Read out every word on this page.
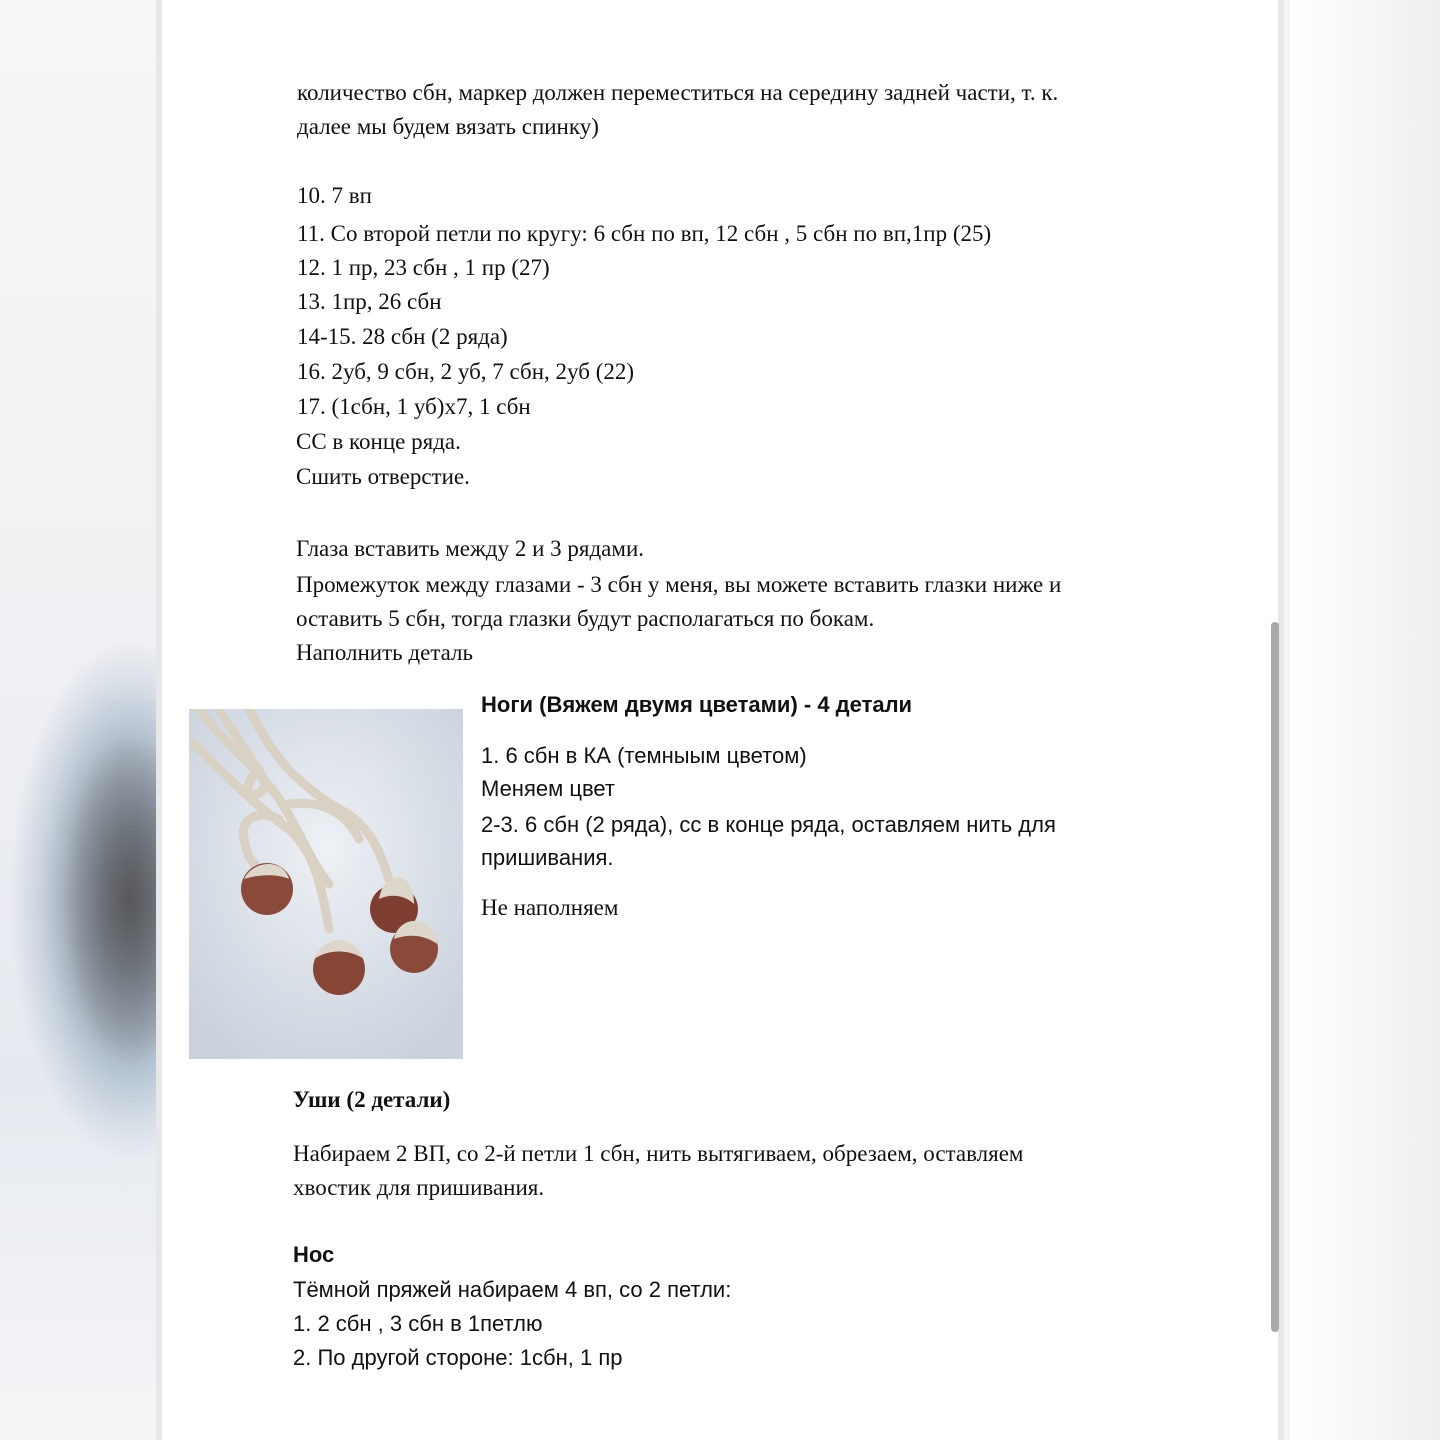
количество сбн, маркер должен переместиться на середину задней части, т. к.
далее мы будем вязать спинку)
10. 7 вп
11. Со второй петли по кругу: 6 сбн по вп, 12 сбн , 5 сбн по вп,1пр (25)
12. 1 пр, 23 сбн , 1 пр (27)
13. 1пр, 26 сбн
14-15. 28 сбн (2 ряда)
16. 2уб, 9 сбн, 2 уб, 7 сбн, 2уб (22)
17. (1сбн, 1 уб)x7, 1 сбн
СС в конце ряда.
Сшить отверстие.
Глаза вставить между 2 и 3 рядами.
Промежуток между глазами - 3 сбн у меня, вы можете вставить глазки ниже и
оставить 5 сбн, тогда глазки будут располагаться по бокам.
Наполнить деталь
Ноги (Вяжем двумя цветами) - 4 детали
1. 6 сбн в КА (темныым цветом)
Меняем цвет
2-3. 6 сбн (2 ряда), сс в конце ряда, оставляем нить для
пришивания.
Не наполняем
Уши (2 детали)
Набираем 2 ВП, со 2-й петли 1 сбн, нить вытягиваем, обрезаем, оставляем
хвостик для пришивания.
Нос
Тёмной пряжей набираем 4 вп, со 2 петли:
1. 2 сбн , 3 сбн в 1петлю
2. По другой стороне: 1сбн, 1 пр
